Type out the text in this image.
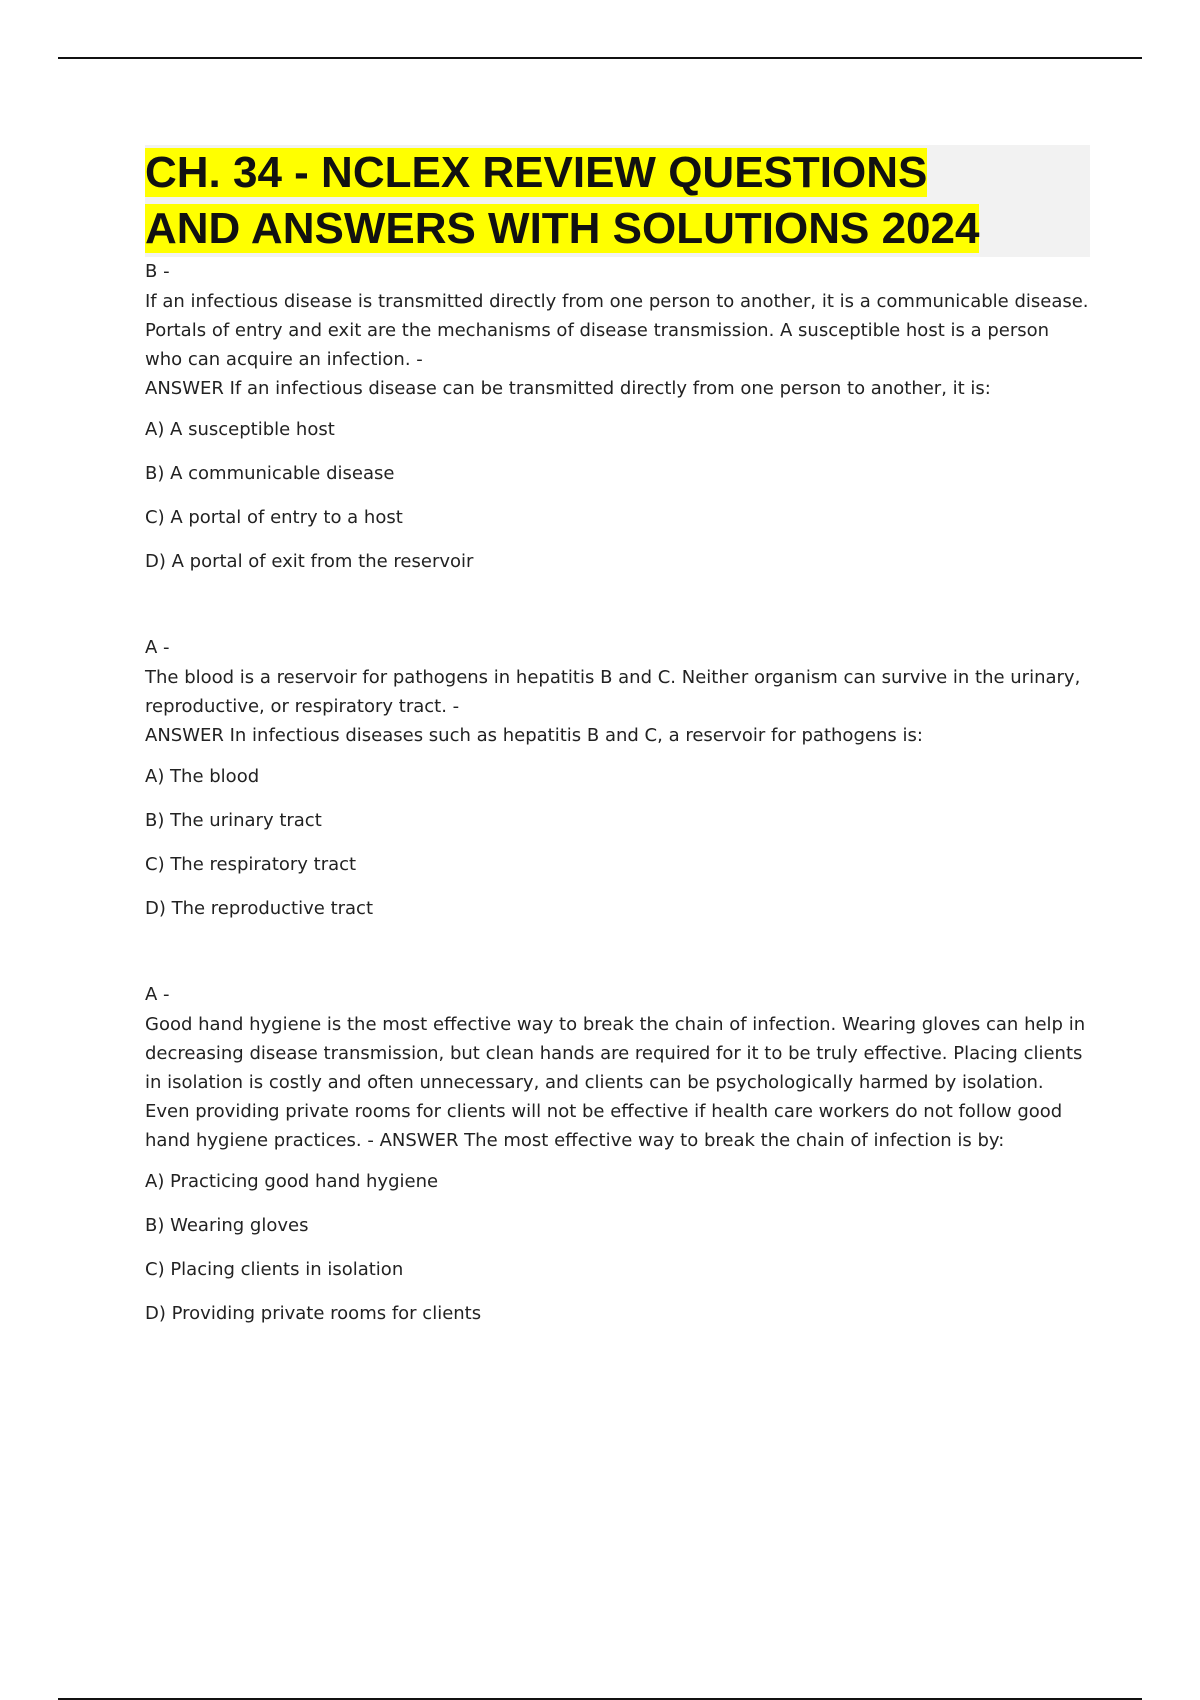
CH. 34 - NCLEX REVIEW QUESTIONS
AND ANSWERS WITH SOLUTIONS 2024
B -

If an infectious disease is transmitted directly from one person to another, it is a communicable disease. Portals of entry and exit are the mechanisms of disease transmission. A susceptible host is a person who can acquire an infection. -
ANSWER If an infectious disease can be transmitted directly from one person to another, it is:

A) A susceptible host
B) A communicable disease
C) A portal of entry to a host
D) A portal of exit from the reservoir
A -

The blood is a reservoir for pathogens in hepatitis B and C. Neither organism can survive in the urinary, reproductive, or respiratory tract. -
ANSWER In infectious diseases such as hepatitis B and C, a reservoir for pathogens is:

A) The blood
B) The urinary tract
C) The respiratory tract
D) The reproductive tract
A -

Good hand hygiene is the most effective way to break the chain of infection. Wearing gloves can help in decreasing disease transmission, but clean hands are required for it to be truly effective. Placing clients in isolation is costly and often unnecessary, and clients can be psychologically harmed by isolation. Even providing private rooms for clients will not be effective if health care workers do not follow good hand hygiene practices. - ANSWER The most effective way to break the chain of infection is by:

A) Practicing good hand hygiene
B) Wearing gloves
C) Placing clients in isolation
D) Providing private rooms for clients
